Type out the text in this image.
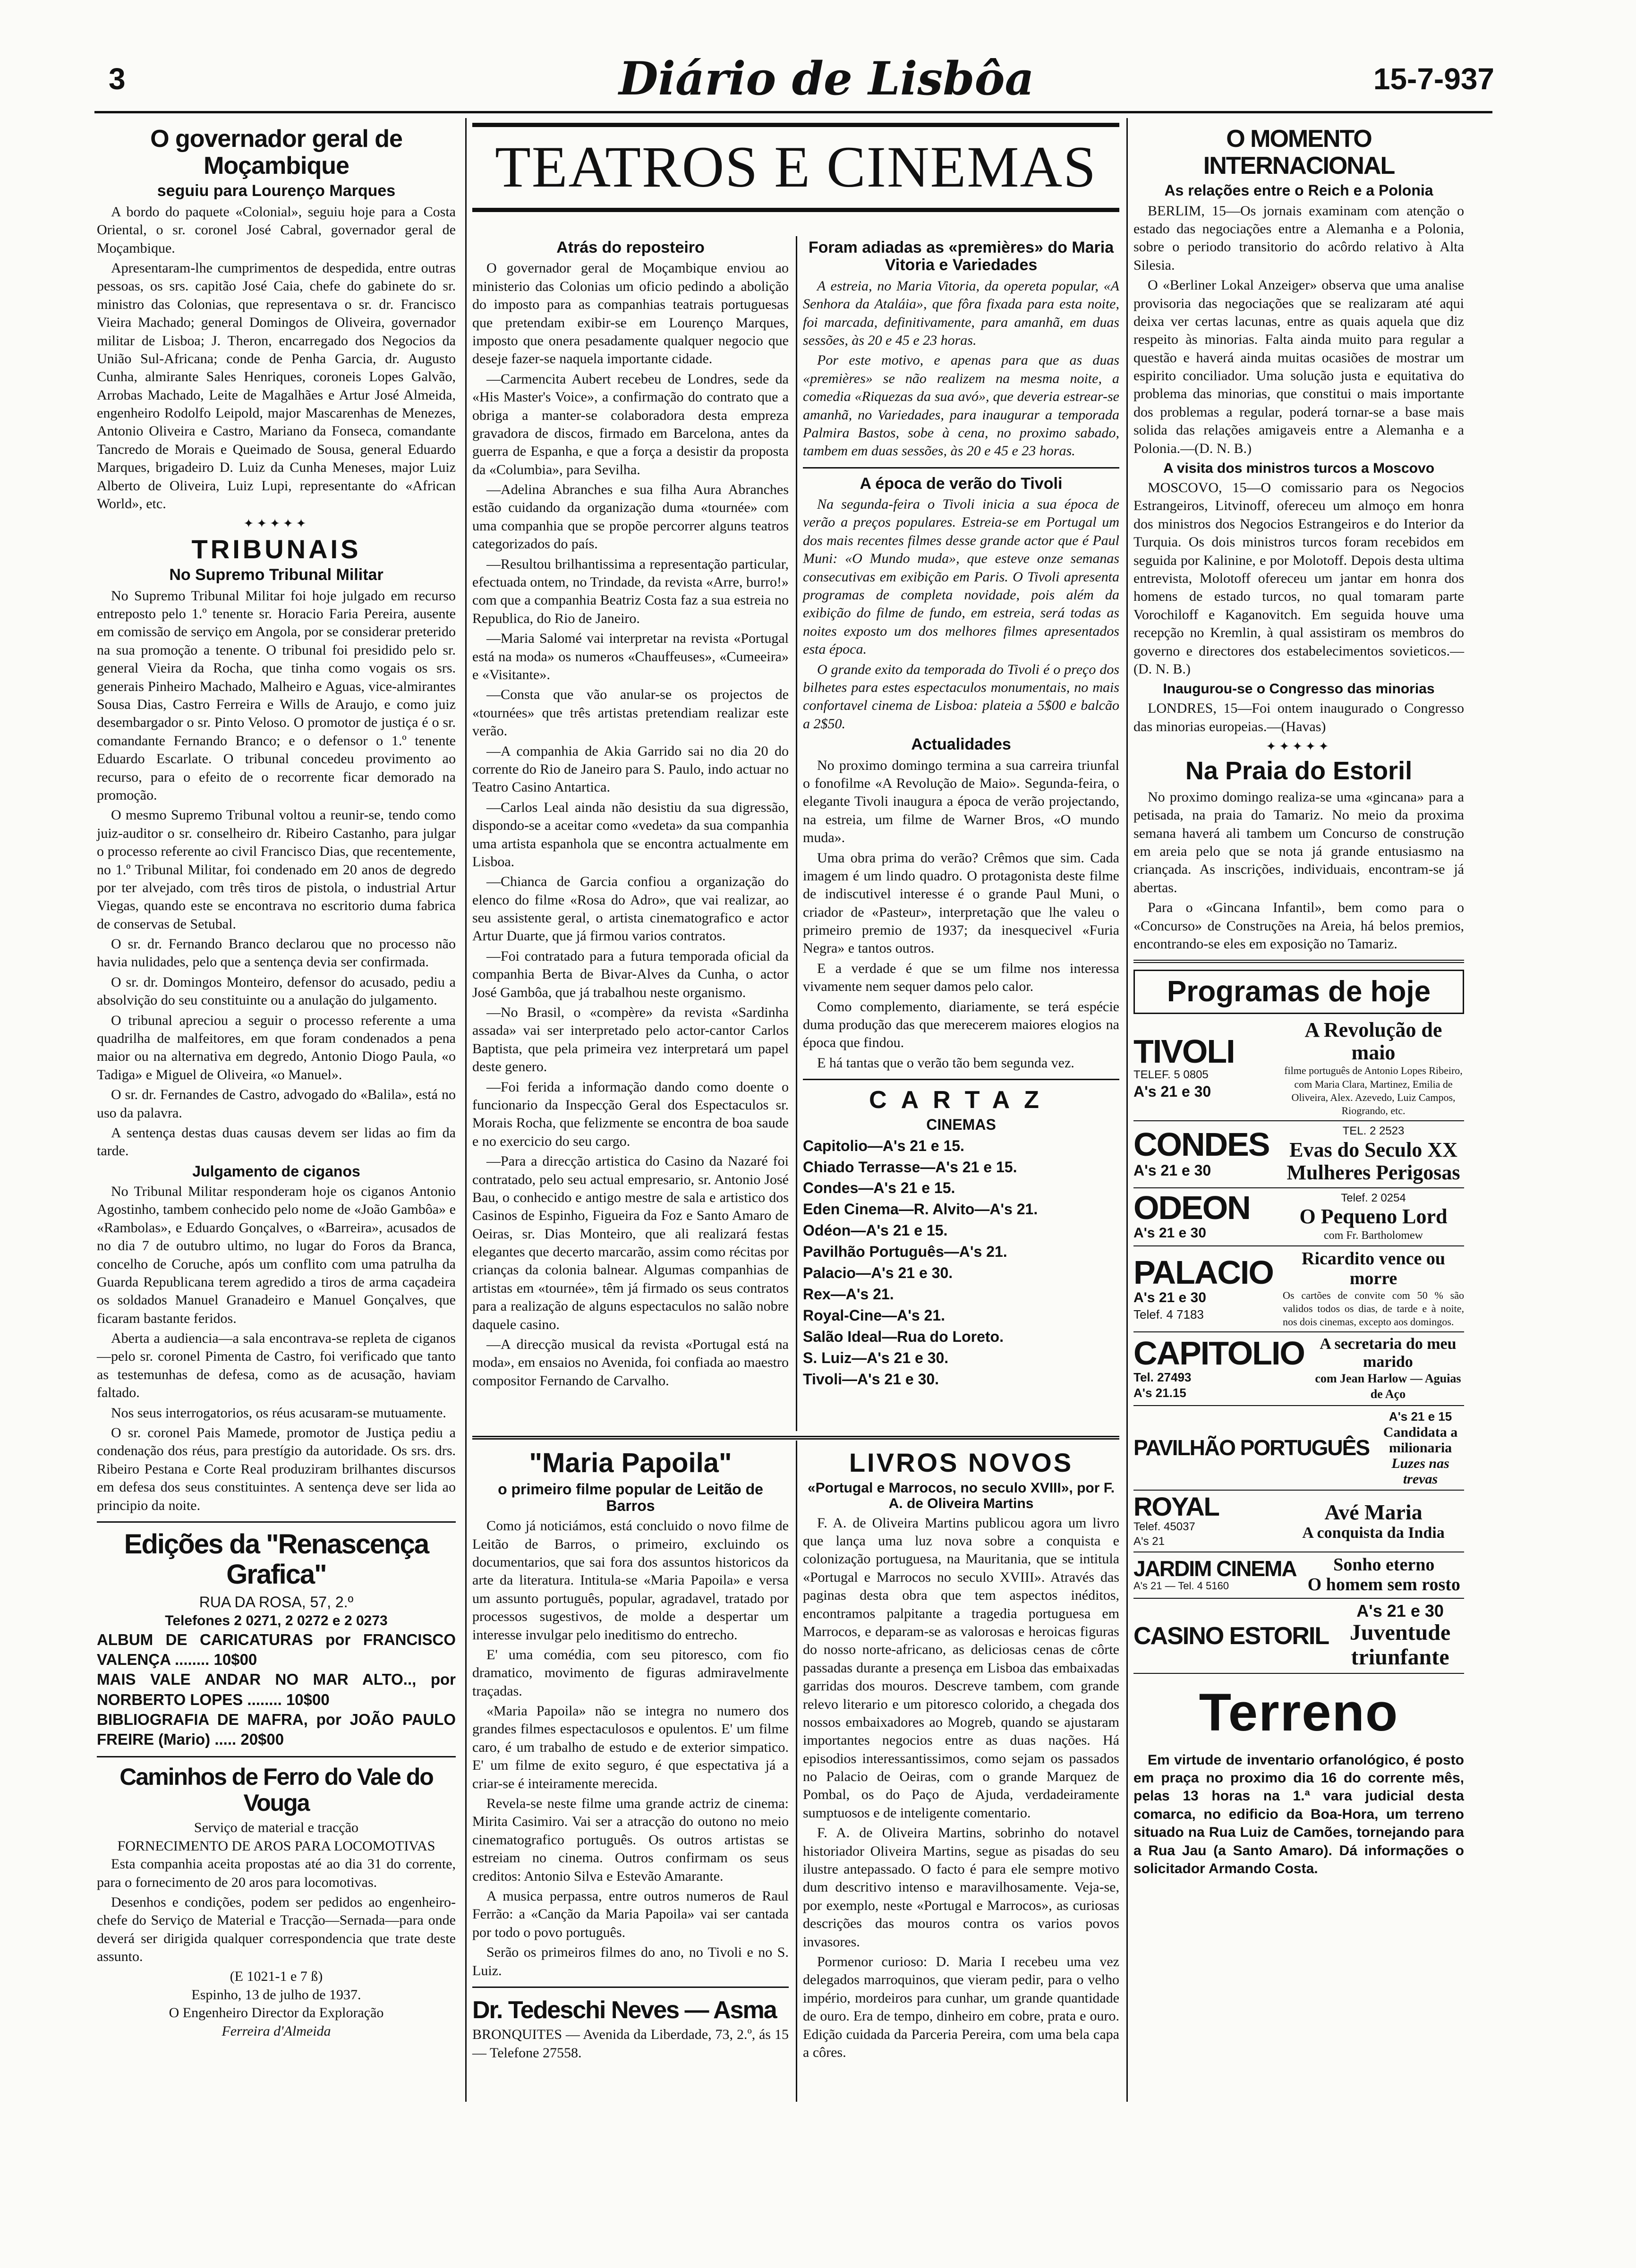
3	Diário de Lisbôa	15-7-937
O governador geral de Moçambique
seguiu para Lourenço Marques

A bordo do paquete «Colonial», seguiu hoje para a Costa Oriental, o sr. coronel José Cabral, governador geral de Moçambique.

Apresentaram-lhe cumprimentos de despedida, entre outras pessoas, os srs. capitão José Caia, chefe do gabinete do sr. ministro das Colonias, que representava o sr. dr. Francisco Vieira Machado; general Domingos de Oliveira, governador militar de Lisboa; J. Theron, encarregado dos Negocios da União Sul-Africana; conde de Penha Garcia, dr. Augusto Cunha, almirante Sales Henriques, coroneis Lopes Galvão, Arrobas Machado, Leite de Magalhães e Artur José Almeida, engenheiro Rodolfo Leipold, major Mascarenhas de Menezes, Antonio Oliveira e Castro, Mariano da Fonseca, comandante Tancredo de Morais e Queimado de Sousa, general Eduardo Marques, brigadeiro D. Luiz da Cunha Meneses, major Luiz Alberto de Oliveira, Luiz Lupi, representante do «African World», etc.

✦✦✦✦✦
TRIBUNAIS
No Supremo Tribunal Militar

No Supremo Tribunal Militar foi hoje julgado em recurso entreposto pelo 1.º tenente sr. Horacio Faria Pereira, ausente em comissão de serviço em Angola, por se considerar preterido na sua promoção a tenente. O tribunal foi presidido pelo sr. general Vieira da Rocha, que tinha como vogais os srs. generais Pinheiro Machado, Malheiro e Aguas, vice-almirantes Sousa Dias, Castro Ferreira e Wills de Araujo, e como juiz desembargador o sr. Pinto Veloso. O promotor de justiça é o sr. comandante Fernando Branco; e o defensor o 1.º tenente Eduardo Escarlate. O tribunal concedeu provimento ao recurso, para o efeito de o recorrente ficar demorado na promoção.

O mesmo Supremo Tribunal voltou a reunir-se, tendo como juiz-auditor o sr. conselheiro dr. Ribeiro Castanho, para julgar o processo referente ao civil Francisco Dias, que recentemente, no 1.º Tribunal Militar, foi condenado em 20 anos de degredo por ter alvejado, com três tiros de pistola, o industrial Artur Viegas, quando este se encontrava no escritorio duma fabrica de conservas de Setubal.

O sr. dr. Fernando Branco declarou que no processo não havia nulidades, pelo que a sentença devia ser confirmada.

O sr. dr. Domingos Monteiro, defensor do acusado, pediu a absolvição do seu constituinte ou a anulação do julgamento.

O tribunal apreciou a seguir o processo referente a uma quadrilha de malfeitores, em que foram condenados a pena maior ou na alternativa em degredo, Antonio Diogo Paula, «o Tadiga» e Miguel de Oliveira, «o Manuel».

O sr. dr. Fernandes de Castro, advogado do «Balila», está no uso da palavra.

A sentença destas duas causas devem ser lidas ao fim da tarde.

Julgamento de ciganos

No Tribunal Militar responderam hoje os ciganos Antonio Agostinho, tambem conhecido pelo nome de «João Gambôa» e «Rambolas», e Eduardo Gonçalves, o «Barreira», acusados de no dia 7 de outubro ultimo, no lugar do Foros da Branca, concelho de Coruche, após um conflito com uma patrulha da Guarda Republicana terem agredido a tiros de arma caçadeira os soldados Manuel Granadeiro e Manuel Gonçalves, que ficaram bastante feridos.

Aberta a audiencia—a sala encontrava-se repleta de ciganos—pelo sr. coronel Pimenta de Castro, foi verificado que tanto as testemunhas de defesa, como as de acusação, haviam faltado.

Nos seus interrogatorios, os réus acusaram-se mutuamente.

O sr. coronel Pais Mamede, promotor de Justiça pediu a condenação dos réus, para prestígio da autoridade. Os srs. drs. Ribeiro Pestana e Corte Real produziram brilhantes discursos em defesa dos seus constituintes. A sentença deve ser lida ao principio da noite.

Edições da "Renascença Grafica"
RUA DA ROSA, 57, 2.º
Telefones 2 0271, 2 0272 e 2 0273
ALBUM DE CARICATURAS por FRANCISCO VALENÇA ........ 10$00
MAIS VALE ANDAR NO MAR ALTO.., por NORBERTO LOPES ........ 10$00
BIBLIOGRAFIA DE MAFRA, por JOÃO PAULO FREIRE (Mario) ..... 20$00
Caminhos de Ferro do Vale do Vouga
Serviço de material e tracção
FORNECIMENTO DE AROS PARA LOCOMOTIVAS

Esta companhia aceita propostas até ao dia 31 do corrente, para o fornecimento de 20 aros para locomotivas.

Desenhos e condições, podem ser pedidos ao engenheiro-chefe do Serviço de Material e Tracção—Sernada—para onde deverá ser dirigida qualquer correspondencia que trate deste assunto.

(E 1021-1 e 7 ß)
Espinho, 13 de julho de 1937.
O Engenheiro Director da Exploração
Ferreira d'Almeida
TEATROS E CINEMAS
Atrás do reposteiro

O governador geral de Moçambique enviou ao ministerio das Colonias um oficio pedindo a abolição do imposto para as companhias teatrais portuguesas que pretendam exibir-se em Lourenço Marques, imposto que onera pesadamente qualquer negocio que deseje fazer-se naquela importante cidade.

—Carmencita Aubert recebeu de Londres, sede da «His Master's Voice», a confirmação do contrato que a obriga a manter-se colaboradora desta empreza gravadora de discos, firmado em Barcelona, antes da guerra de Espanha, e que a força a desistir da proposta da «Columbia», para Sevilha.

—Adelina Abranches e sua filha Aura Abranches estão cuidando da organização duma «tournée» com uma companhia que se propõe percorrer alguns teatros categorizados do país.

—Resultou brilhantissima a representação particular, efectuada ontem, no Trindade, da revista «Arre, burro!» com que a companhia Beatriz Costa faz a sua estreia no Republica, do Rio de Janeiro.

—Maria Salomé vai interpretar na revista «Portugal está na moda» os numeros «Chauffeuses», «Cumeeira» e «Visitante».

—Consta que vão anular-se os projectos de «tournées» que três artistas pretendiam realizar este verão.

—A companhia de Akia Garrido sai no dia 20 do corrente do Rio de Janeiro para S. Paulo, indo actuar no Teatro Casino Antartica.

—Carlos Leal ainda não desistiu da sua digressão, dispondo-se a aceitar como «vedeta» da sua companhia uma artista espanhola que se encontra actualmente em Lisboa.

—Chianca de Garcia confiou a organização do elenco do filme «Rosa do Adro», que vai realizar, ao seu assistente geral, o artista cinematografico e actor Artur Duarte, que já firmou varios contratos.

—Foi contratado para a futura temporada oficial da companhia Berta de Bivar-Alves da Cunha, o actor José Gambôa, que já trabalhou neste organismo.

—No Brasil, o «compère» da revista «Sardinha assada» vai ser interpretado pelo actor-cantor Carlos Baptista, que pela primeira vez interpretará um papel deste genero.

—Foi ferida a informação dando como doente o funcionario da Inspecção Geral dos Espectaculos sr. Morais Rocha, que felizmente se encontra de boa saude e no exercicio do seu cargo.

—Para a direcção artistica do Casino da Nazaré foi contratado, pelo seu actual empresario, sr. Antonio José Bau, o conhecido e antigo mestre de sala e artistico dos Casinos de Espinho, Figueira da Foz e Santo Amaro de Oeiras, sr. Dias Monteiro, que ali realizará festas elegantes que decerto marcarão, assim como récitas por crianças da colonia balnear. Algumas companhias de artistas em «tournée», têm já firmado os seus contratos para a realização de alguns espectaculos no salão nobre daquele casino.

—A direcção musical da revista «Portugal está na moda», em ensaios no Avenida, foi confiada ao maestro compositor Fernando de Carvalho.

Foram adiadas as «premières» do Maria Vitoria e Variedades

A estreia, no Maria Vitoria, da opereta popular, «A Senhora da Ataláia», que fôra fixada para esta noite, foi marcada, definitivamente, para amanhã, em duas sessões, às 20 e 45 e 23 horas.

Por este motivo, e apenas para que as duas «premières» se não realizem na mesma noite, a comedia «Riquezas da sua avó», que deveria estrear-se amanhã, no Variedades, para inaugurar a temporada Palmira Bastos, sobe à cena, no proximo sabado, tambem em duas sessões, às 20 e 45 e 23 horas.

A época de verão do Tivoli

Na segunda-feira o Tivoli inicia a sua época de verão a preços populares. Estreia-se em Portugal um dos mais recentes filmes desse grande actor que é Paul Muni: «O Mundo muda», que esteve onze semanas consecutivas em exibição em Paris. O Tivoli apresenta programas de completa novidade, pois além da exibição do filme de fundo, em estreia, será todas as noites exposto um dos melhores filmes apresentados esta época.

O grande exito da temporada do Tivoli é o preço dos bilhetes para estes espectaculos monumentais, no mais confortavel cinema de Lisboa: plateia a 5$00 e balcão a 2$50.

Actualidades

No proximo domingo termina a sua carreira triunfal o fonofilme «A Revolução de Maio». Segunda-feira, o elegante Tivoli inaugura a época de verão projectando, na estreia, um filme de Warner Bros, «O mundo muda».

Uma obra prima do verão? Crêmos que sim. Cada imagem é um lindo quadro. O protagonista deste filme de indiscutivel interesse é o grande Paul Muni, o criador de «Pasteur», interpretação que lhe valeu o primeiro premio de 1937; da inesquecivel «Furia Negra» e tantos outros.

E a verdade é que se um filme nos interessa vivamente nem sequer damos pelo calor.

Como complemento, diariamente, se terá espécie duma produção das que merecerem maiores elogios na época que findou.

E há tantas que o verão tão bem segunda vez.

CARTAZ
CINEMAS
Capitolio—A's 21 e 15.
Chiado Terrasse—A's 21 e 15.
Condes—A's 21 e 15.
Eden Cinema—R. Alvito—A's 21.
Odéon—A's 21 e 15.
Pavilhão Português—A's 21.
Palacio—A's 21 e 30.
Rex—A's 21.
Royal-Cine—A's 21.
Salão Ideal—Rua do Loreto.
S. Luiz—A's 21 e 30.
Tivoli—A's 21 e 30.
"Maria Papoila"
o primeiro filme popular de Leitão de Barros

Como já noticiámos, está concluido o novo filme de Leitão de Barros, o primeiro, excluindo os documentarios, que sai fora dos assuntos historicos da arte da literatura. Intitula-se «Maria Papoila» e versa um assunto português, popular, agradavel, tratado por processos sugestivos, de molde a despertar um interesse invulgar pelo ineditismo do entrecho.

E' uma comédia, com seu pitoresco, com fio dramatico, movimento de figuras admiravelmente traçadas.

«Maria Papoila» não se integra no numero dos grandes filmes espectaculosos e opulentos. E' um filme caro, é um trabalho de estudo e de exterior simpatico. E' um filme de exito seguro, é que espectativa já a criar-se é inteiramente merecida.

Revela-se neste filme uma grande actriz de cinema: Mirita Casimiro. Vai ser a atracção do outono no meio cinematografico português. Os outros artistas se estreiam no cinema. Outros confirmam os seus creditos: Antonio Silva e Estevão Amarante.

A musica perpassa, entre outros numeros de Raul Ferrão: a «Canção da Maria Papoila» vai ser cantada por todo o povo português.

Serão os primeiros filmes do ano, no Tivoli e no S. Luiz.

Dr. Tedeschi Neves — Asma
BRONQUITES — Avenida da Liberdade, 73, 2.º, ás 15 — Telefone 27558.
LIVROS NOVOS
«Portugal e Marrocos, no seculo XVIII», por F. A. de Oliveira Martins

F. A. de Oliveira Martins publicou agora um livro que lança uma luz nova sobre a conquista e colonização portuguesa, na Mauritania, que se intitula «Portugal e Marrocos no seculo XVIII». Através das paginas desta obra que tem aspectos inéditos, encontramos palpitante a tragedia portuguesa em Marrocos, e deparam-se as valorosas e heroicas figuras do nosso norte-africano, as deliciosas cenas de côrte passadas durante a presença em Lisboa das embaixadas garridas dos mouros. Descreve tambem, com grande relevo literario e um pitoresco colorido, a chegada dos nossos embaixadores ao Mogreb, quando se ajustaram importantes negocios entre as duas nações. Há episodios interessantissimos, como sejam os passados no Palacio de Oeiras, com o grande Marquez de Pombal, os do Paço de Ajuda, verdadeiramente sumptuosos e de inteligente comentario.

F. A. de Oliveira Martins, sobrinho do notavel historiador Oliveira Martins, segue as pisadas do seu ilustre antepassado. O facto é para ele sempre motivo dum descritivo intenso e maravilhosamente. Veja-se, por exemplo, neste «Portugal e Marrocos», as curiosas descrições das mouros contra os varios povos invasores.

Pormenor curioso: D. Maria I recebeu uma vez delegados marroquinos, que vieram pedir, para o velho império, mordeiros para cunhar, um grande quantidade de ouro. Era de tempo, dinheiro em cobre, prata e ouro. Edição cuidada da Parceria Pereira, com uma bela capa a côres.

O MOMENTO INTERNACIONAL
As relações entre o Reich e a Polonia

BERLIM, 15—Os jornais examinam com atenção o estado das negociações entre a Alemanha e a Polonia, sobre o periodo transitorio do acôrdo relativo à Alta Silesia.

O «Berliner Lokal Anzeiger» observa que uma analise provisoria das negociações que se realizaram até aqui deixa ver certas lacunas, entre as quais aquela que diz respeito às minorias. Falta ainda muito para regular a questão e haverá ainda muitas ocasiões de mostrar um espirito conciliador. Uma solução justa e equitativa do problema das minorias, que constitui o mais importante dos problemas a regular, poderá tornar-se a base mais solida das relações amigaveis entre a Alemanha e a Polonia.—(D. N. B.)

A visita dos ministros turcos a Moscovo

MOSCOVO, 15—O comissario para os Negocios Estrangeiros, Litvinoff, ofereceu um almoço em honra dos ministros dos Negocios Estrangeiros e do Interior da Turquia. Os dois ministros turcos foram recebidos em seguida por Kalinine, e por Molotoff. Depois desta ultima entrevista, Molotoff ofereceu um jantar em honra dos homens de estado turcos, no qual tomaram parte Vorochiloff e Kaganovitch. Em seguida houve uma recepção no Kremlin, à qual assistiram os membros do governo e directores dos estabelecimentos sovieticos.—(D. N. B.)

Inaugurou-se o Congresso das minorias

LONDRES, 15—Foi ontem inaugurado o Congresso das minorias europeias.—(Havas)

✦✦✦✦✦
Na Praia do Estoril

No proximo domingo realiza-se uma «gincana» para a petisada, na praia do Tamariz. No meio da proxima semana haverá ali tambem um Concurso de construção em areia pelo que se nota já grande entusiasmo na criançada. As inscrições, individuais, encontram-se já abertas.

Para o «Gincana Infantil», bem como para o «Concurso» de Construções na Areia, há belos premios, encontrando-se eles em exposição no Tamariz.

Programas de hoje
TIVOLI
TELEF. 5 0805
A's 21 e 30
A Revolução de maio
filme português de Antonio Lopes Ribeiro, com Maria Clara, Martinez, Emilia de Oliveira, Alex. Azevedo, Luiz Campos, Riogrando, etc.
CONDES
A's 21 e 30
TEL. 2 2523
Evas do Seculo XX
Mulheres Perigosas
ODEON
A's 21 e 30
Telef. 2 0254
O Pequeno Lord
com Fr. Bartholomew
PALACIO
A's 21 e 30
Telef. 4 7183
Ricardito vence ou morre
Os cartões de convite com 50 % são validos todos os dias, de tarde e à noite, nos dois cinemas, excepto aos domingos.
CAPITOLIO
Tel. 27493
A's 21.15
A secretaria do meu marido
com Jean Harlow — Aguias de Aço
PAVILHÃO PORTUGUÊS
A's 21 e 15
Candidata a milionaria
Luzes nas trevas
ROYAL
Telef. 45037
A's 21
Avé Maria
A conquista da India
JARDIM CINEMA
A's 21 — Tel. 4 5160
Sonho eterno
O homem sem rosto
CASINO ESTORIL
A's 21 e 30
Juventude triunfante
Terreno

Em virtude de inventario orfanológico, é posto em praça no proximo dia 16 do corrente mês, pelas 13 horas na 1.ª vara judicial desta comarca, no edificio da Boa-Hora, um terreno situado na Rua Luiz de Camões, tornejando para a Rua Jau (a Santo Amaro). Dá informações o solicitador Armando Costa.
